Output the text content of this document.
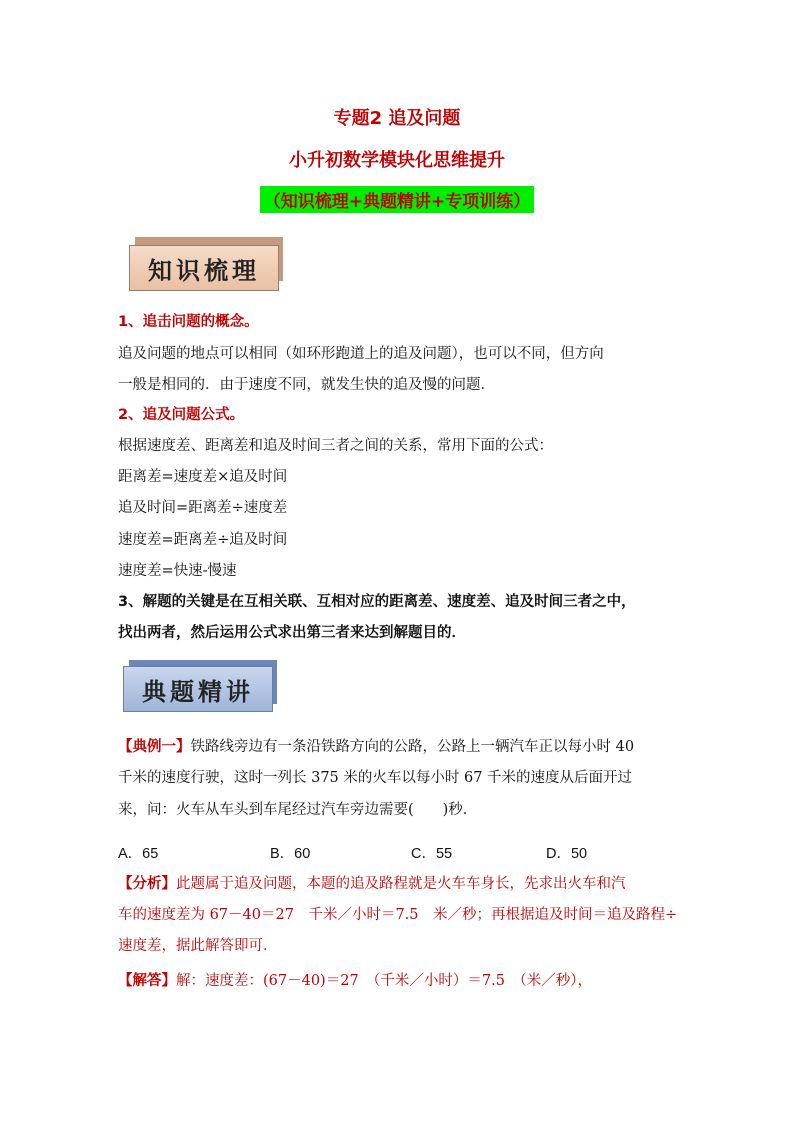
专题2 追及问题
小升初数学模块化思维提升
（知识梳理+典题精讲+专项训练）
知识梳理
1、追击问题的概念。
追及问题的地点可以相同（如环形跑道上的追及问题），也可以不同，但方向
一般是相同的．由于速度不同，就发生快的追及慢的问题．
2、追及问题公式。
根据速度差、距离差和追及时间三者之间的关系，常用下面的公式：
距离差=速度差×追及时间
追及时间=距离差÷速度差
速度差=距离差÷追及时间
速度差=快速-慢速
3、解题的关键是在互相关联、互相对应的距离差、速度差、追及时间三者之中，
找出两者，然后运用公式求出第三者来达到解题目的．
典题精讲
【典例一】铁路线旁边有一条沿铁路方向的公路，公路上一辆汽车正以每小时 40
千米的速度行驶，这时一列长 375 米的火车以每小时 67 千米的速度从后面开过
来，问：火车从车头到车尾经过汽车旁边需要(　　)秒．
A．65	B．60	C．55	D．50
【分析】此题属于追及问题，本题的追及路程就是火车车身长，先求出火车和汽
车的速度差为 67－40＝27　千米／小时＝7.5　米／秒；再根据追及时间＝追及路程÷
速度差，据此解答即可．
【解答】解：速度差：(67－40)＝27　（千米／小时）＝7.5　（米／秒），
